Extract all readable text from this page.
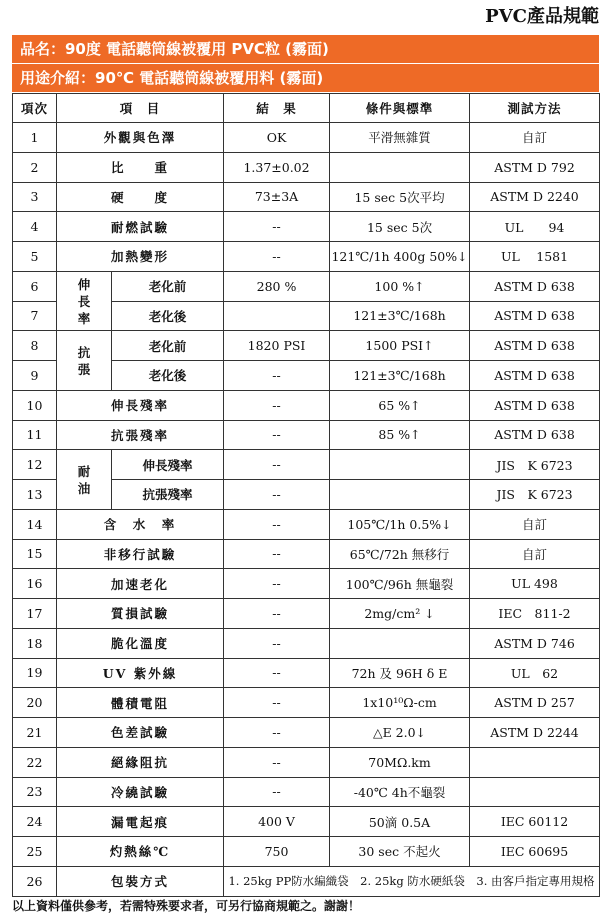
PVC產品規範
品名：90度 電話聽筒線被覆用 PVC粒 (霧面)
用途介紹：90℃ 電話聽筒線被覆用料 (霧面)
項次	項　目		結　果	條件與標準	測試方法
1	外觀與色澤		OK	平滑無雜質	自訂
2	比　　重		1.37±0.02		ASTM D 792
3	硬　　度		73±3A	15 sec 5次平均	ASTM D 2240
4	耐燃試驗		--	15 sec 5次	UL　　94
5	加熱變形		--	121℃/1h 400g 50%↓	UL　 1581
6	伸長率	老化前	280 %	100 %↑	ASTM D 638
7		老化後		121±3℃/168h	ASTM D 638
8	抗張	老化前	1820 PSI	1500 PSI↑	ASTM D 638
9		老化後	--	121±3℃/168h	ASTM D 638
10	伸長殘率		--	65 %↑	ASTM D 638
11	抗張殘率		--	85 %↑	ASTM D 638
12	耐油	伸長殘率	--		JIS　K 6723
13		抗張殘率	--		JIS　K 6723
14	含　水　率		--	105℃/1h 0.5%↓	自訂
15	非移行試驗		--	65℃/72h 無移行	自訂
16	加速老化		--	100℃/96h 無龜裂	UL 498
17	質損試驗		--	2mg/cm² ↓	IEC　811-2
18	脆化溫度		--		ASTM D 746
19	UV 紫外線		--	72h 及 96H δ E	UL　62
20	體積電阻		--	1x10¹⁰Ω-cm	ASTM D 257
21	色差試驗		--	△E 2.0↓	ASTM D 2244
22	絕緣阻抗		--	70MΩ.km	
23	冷繞試驗		--	-40℃ 4h不龜裂	
24	漏電起痕		400 V	50滴 0.5A	IEC 60112
25	灼熱絲℃		750	30 sec 不起火	IEC 60695
26	包裝方式		1. 25kg PP防水編織袋　2. 25kg 防水硬紙袋　3. 由客戶指定專用規格		
以上資料僅供參考，若需特殊要求者，可另行協商規範之。謝謝！
